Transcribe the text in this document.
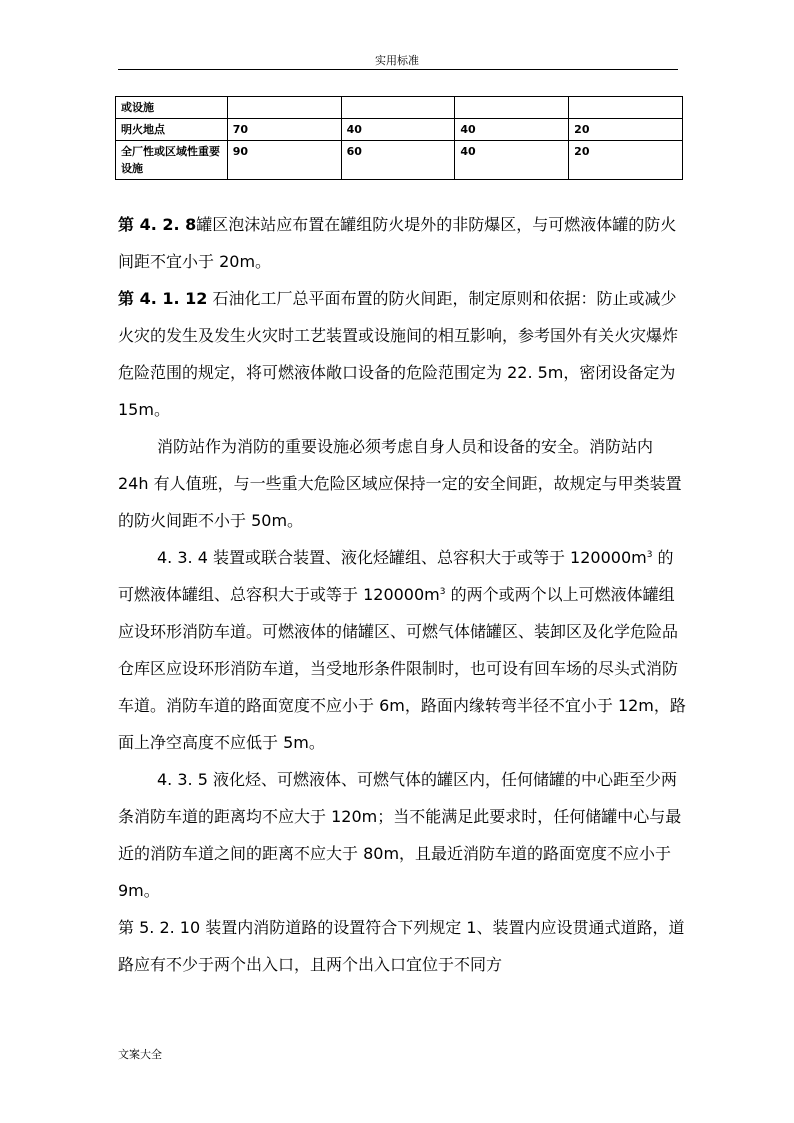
实用标准
或设施				
明火地点	70	40	40	20
全厂性或区域性重要设施	90	60	40	20

第 4. 2. 8罐区泡沫站应布置在罐组防火堤外的非防爆区，与可燃液体罐的防火间距不宜小于 20m。

第 4. 1. 12 石油化工厂总平面布置的防火间距，制定原则和依据：防止或减少火灾的发生及发生火灾时工艺装置或设施间的相互影响，参考国外有关火灾爆炸危险范围的规定，将可燃液体敞口设备的危险范围定为 22. 5m，密闭设备定为 15m。

消防站作为消防的重要设施必须考虑自身人员和设备的安全。消防站内 24h 有人值班，与一些重大危险区域应保持一定的安全间距，故规定与甲类装置的防火间距不小于 50m。

4. 3. 4 装置或联合装置、液化烃罐组、总容积大于或等于 $120000m^3$ 的可燃液体罐组、总容积大于或等于 $120000m^3$ 的两个或两个以上可燃液体罐组应设环形消防车道。可燃液体的储罐区、可燃气体储罐区、装卸区及化学危险品仓库区应设环形消防车道，当受地形条件限制时，也可设有回车场的尽头式消防车道。消防车道的路面宽度不应小于 6m，路面内缘转弯半径不宜小于 12m，路面上净空高度不应低于 5m。

4. 3. 5 液化烃、可燃液体、可燃气体的罐区内，任何储罐的中心距至少两条消防车道的距离均不应大于 120m；当不能满足此要求时，任何储罐中心与最近的消防车道之间的距离不应大于 80m，且最近消防车道的路面宽度不应小于 9m。

第 5. 2. 10 装置内消防道路的设置符合下列规定 1、装置内应设贯通式道路，道路应有不少于两个出入口，且两个出入口宜位于不同方

文案大全
